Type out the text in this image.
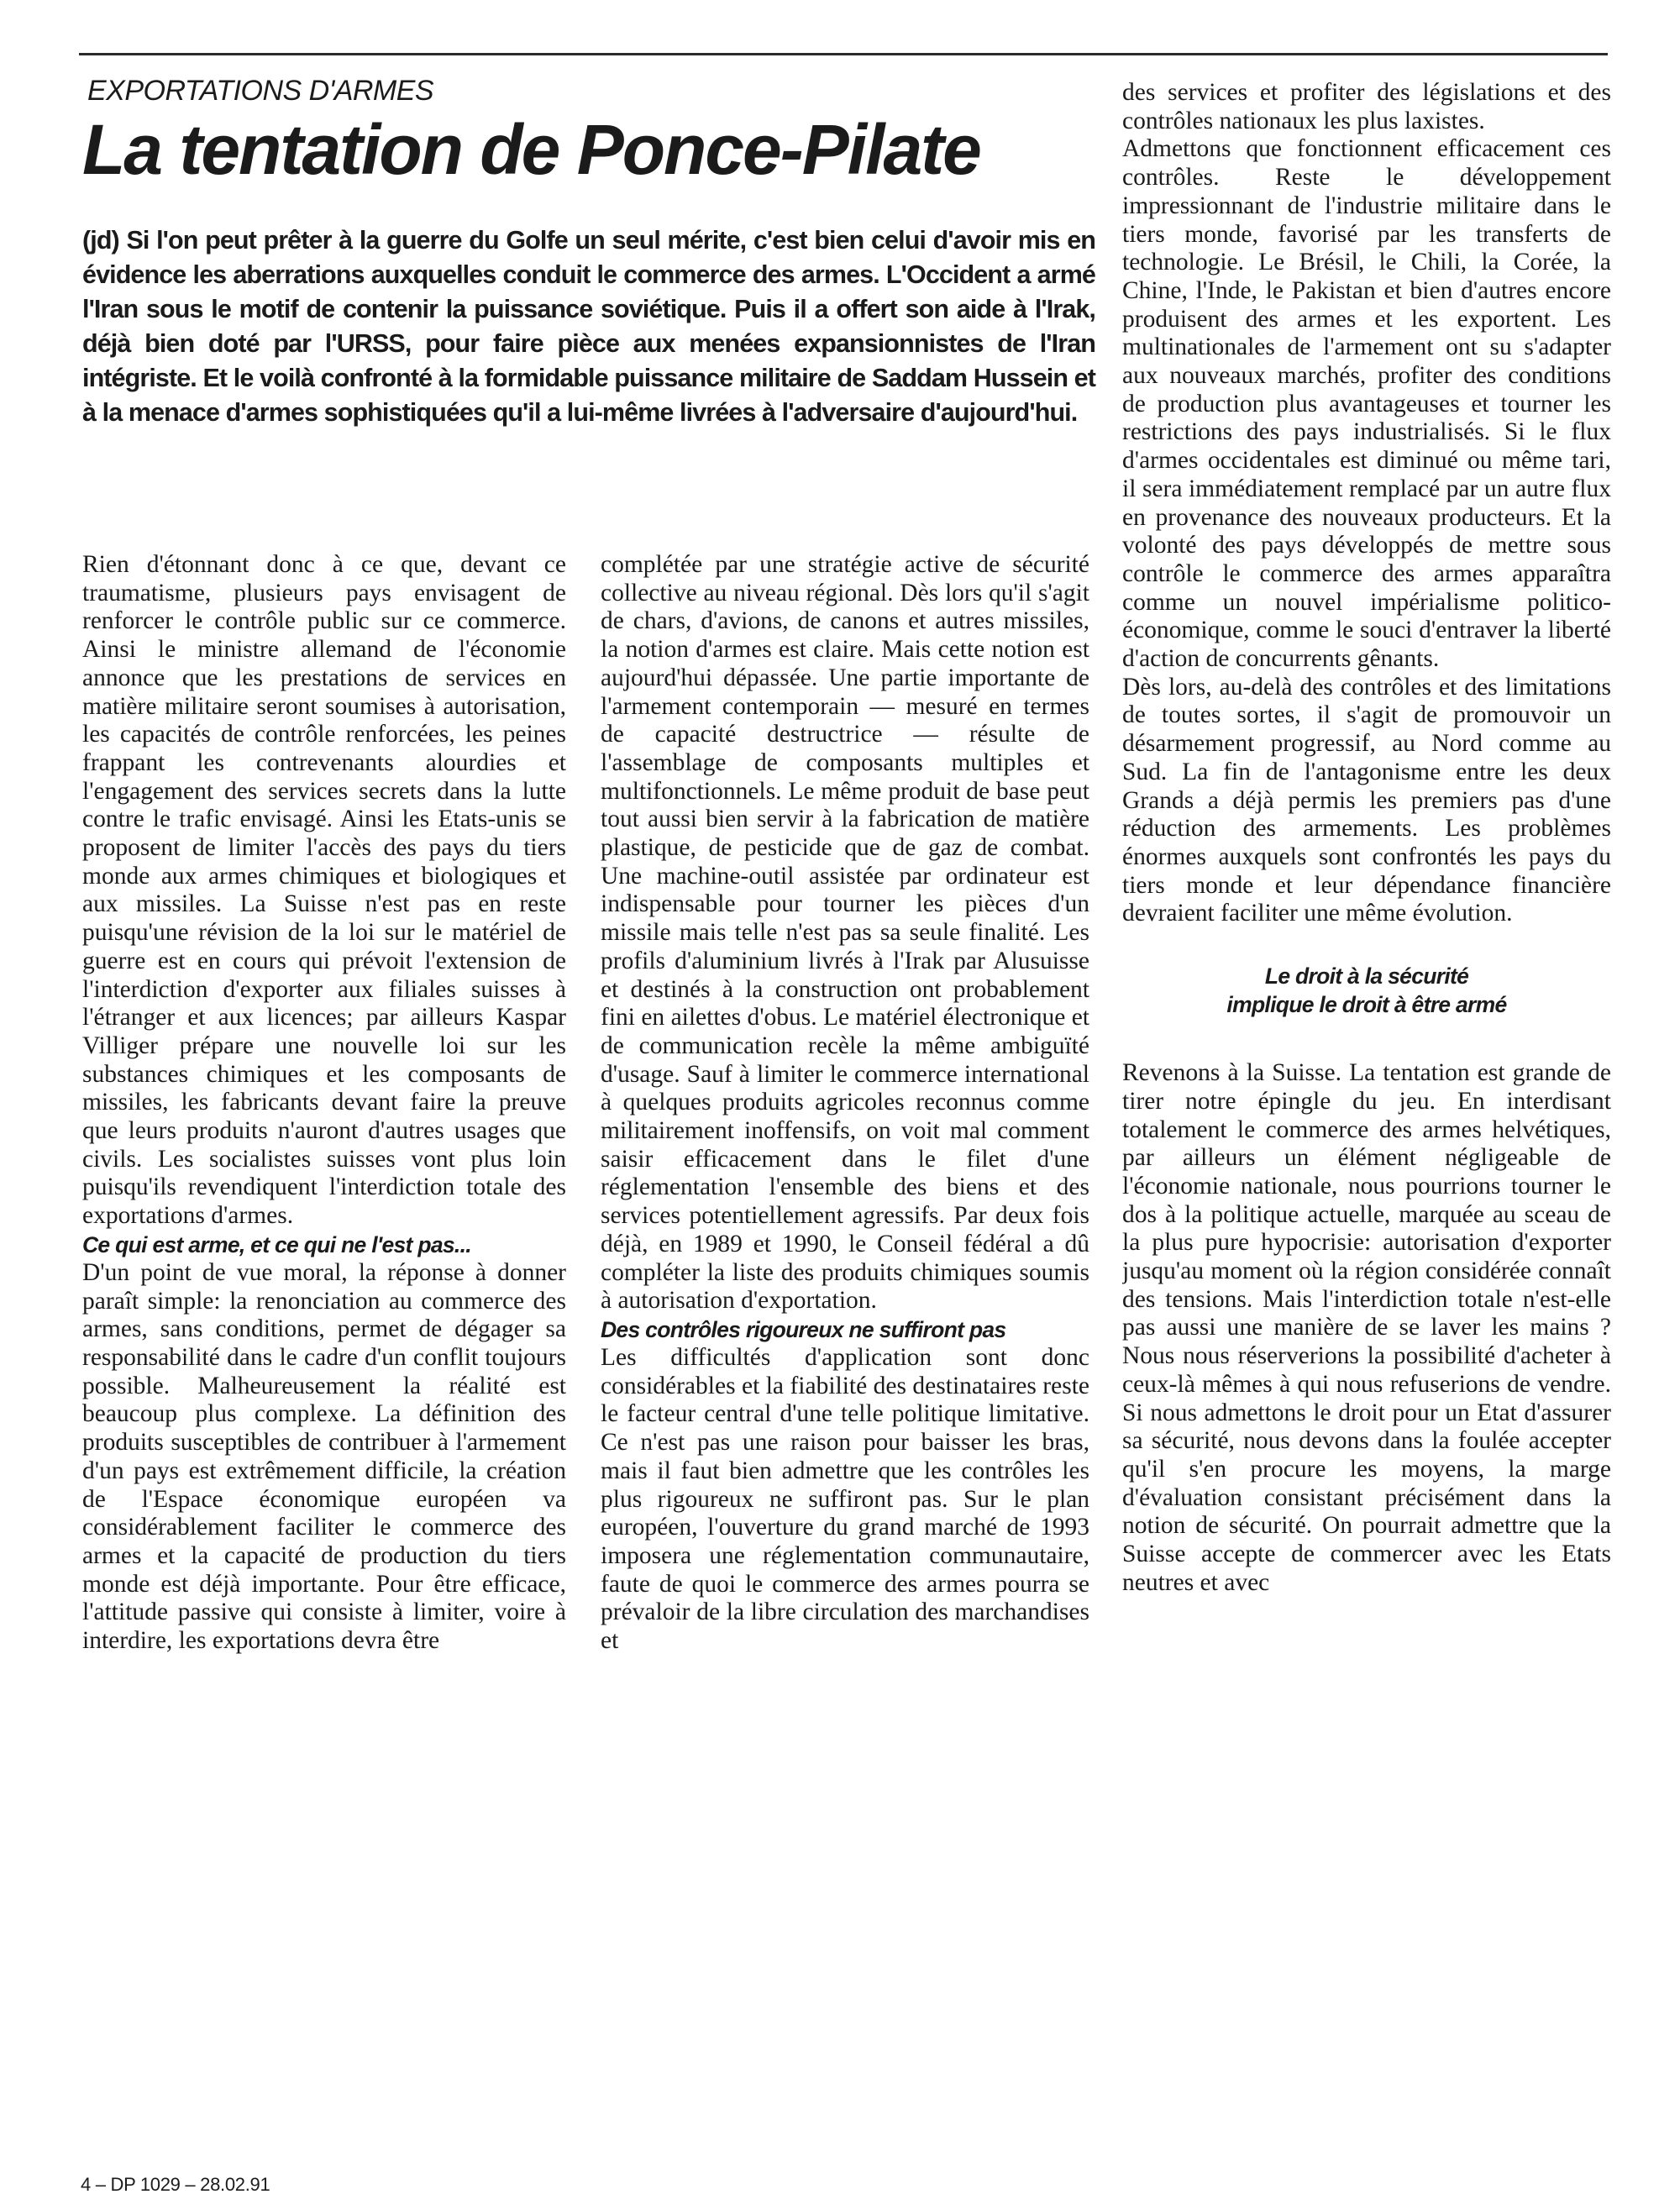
EXPORTATIONS D'ARMES
La tentation de Ponce-Pilate

(jd) Si l'on peut prêter à la guerre du Golfe un seul mérite, c'est bien celui d'avoir mis en évidence les aberrations auxquelles conduit le commerce des armes. L'Occident a armé l'Iran sous le motif de contenir la puissance soviétique. Puis il a offert son aide à l'Irak, déjà bien doté par l'URSS, pour faire pièce aux menées expansionnistes de l'Iran intégriste. Et le voilà confronté à la formidable puissance militaire de Saddam Hussein et à la menace d'armes sophistiquées qu'il a lui-même livrées à l'adversaire d'aujourd'hui.

Rien d'étonnant donc à ce que, devant ce traumatisme, plusieurs pays envisagent de renforcer le contrôle public sur ce commerce. Ainsi le ministre allemand de l'économie annonce que les prestations de services en matière militaire seront soumises à autorisation, les capacités de contrôle renforcées, les peines frappant les contrevenants alourdies et l'engagement des services secrets dans la lutte contre le trafic envisagé. Ainsi les Etats-unis se proposent de limiter l'accès des pays du tiers monde aux armes chimiques et biologiques et aux missiles. La Suisse n'est pas en reste puisqu'une révision de la loi sur le matériel de guerre est en cours qui prévoit l'extension de l'interdiction d'exporter aux filiales suisses à l'étranger et aux licences; par ailleurs Kaspar Villiger prépare une nouvelle loi sur les substances chimiques et les composants de missiles, les fabricants devant faire la preuve que leurs produits n'auront d'autres usages que civils. Les socialistes suisses vont plus loin puisqu'ils revendiquent l'interdiction totale des exportations d'armes.

Ce qui est arme, et ce qui ne l'est pas...

D'un point de vue moral, la réponse à donner paraît simple: la renonciation au commerce des armes, sans conditions, permet de dégager sa responsabilité dans le cadre d'un conflit toujours possible. Malheureusement la réalité est beaucoup plus complexe. La définition des produits susceptibles de contribuer à l'armement d'un pays est extrêmement difficile, la création de l'Espace économique européen va considérablement faciliter le commerce des armes et la capacité de production du tiers monde est déjà importante. Pour être efficace, l'attitude passive qui consiste à limiter, voire à interdire, les exportations devra être

complétée par une stratégie active de sécurité collective au niveau régional. Dès lors qu'il s'agit de chars, d'avions, de canons et autres missiles, la notion d'armes est claire. Mais cette notion est aujourd'hui dépassée. Une partie importante de l'armement contemporain — mesuré en termes de capacité destructrice — résulte de l'assemblage de composants multiples et multifonctionnels. Le même produit de base peut tout aussi bien servir à la fabrication de matière plastique, de pesticide que de gaz de combat. Une machine-outil assistée par ordinateur est indispensable pour tourner les pièces d'un missile mais telle n'est pas sa seule finalité. Les profils d'aluminium livrés à l'Irak par Alusuisse et destinés à la construction ont probablement fini en ailettes d'obus. Le matériel électronique et de communication recèle la même ambiguïté d'usage. Sauf à limiter le commerce international à quelques produits agricoles reconnus comme militairement inoffensifs, on voit mal comment saisir efficacement dans le filet d'une réglementation l'ensemble des biens et des services potentiellement agressifs. Par deux fois déjà, en 1989 et 1990, le Conseil fédéral a dû compléter la liste des produits chimiques soumis à autorisation d'exportation.

Des contrôles rigoureux ne suffiront pas

Les difficultés d'application sont donc considérables et la fiabilité des destinataires reste le facteur central d'une telle politique limitative. Ce n'est pas une raison pour baisser les bras, mais il faut bien admettre que les contrôles les plus rigoureux ne suffiront pas. Sur le plan européen, l'ouverture du grand marché de 1993 imposera une réglementation communautaire, faute de quoi le commerce des armes pourra se prévaloir de la libre circulation des marchandises et

des services et profiter des législations et des contrôles nationaux les plus laxistes.

Admettons que fonctionnent efficacement ces contrôles. Reste le développement impressionnant de l'industrie militaire dans le tiers monde, favorisé par les transferts de technologie. Le Brésil, le Chili, la Corée, la Chine, l'Inde, le Pakistan et bien d'autres encore produisent des armes et les exportent. Les multinationales de l'armement ont su s'adapter aux nouveaux marchés, profiter des conditions de production plus avantageuses et tourner les restrictions des pays industrialisés. Si le flux d'armes occidentales est diminué ou même tari, il sera immédiatement remplacé par un autre flux en provenance des nouveaux producteurs. Et la volonté des pays développés de mettre sous contrôle le commerce des armes apparaîtra comme un nouvel impérialisme politico-économique, comme le souci d'entraver la liberté d'action de concurrents gênants.

Dès lors, au-delà des contrôles et des limitations de toutes sortes, il s'agit de promouvoir un désarmement progressif, au Nord comme au Sud. La fin de l'antagonisme entre les deux Grands a déjà permis les premiers pas d'une réduction des armements. Les problèmes énormes auxquels sont confrontés les pays du tiers monde et leur dépendance financière devraient faciliter une même évolution.

Le droit à la sécurité
implique le droit à être armé

Revenons à la Suisse. La tentation est grande de tirer notre épingle du jeu. En interdisant totalement le commerce des armes helvétiques, par ailleurs un élément négligeable de l'économie nationale, nous pourrions tourner le dos à la politique actuelle, marquée au sceau de la plus pure hypocrisie: autorisation d'exporter jusqu'au moment où la région considérée connaît des tensions. Mais l'interdiction totale n'est-elle pas aussi une manière de se laver les mains ? Nous nous réserverions la possibilité d'acheter à ceux-là mêmes à qui nous refuserions de vendre. Si nous admettons le droit pour un Etat d'assurer sa sécurité, nous devons dans la foulée accepter qu'il s'en procure les moyens, la marge d'évaluation consistant précisément dans la notion de sécurité. On pourrait admettre que la Suisse accepte de commercer avec les Etats neutres et avec

4 – DP 1029 – 28.02.91
